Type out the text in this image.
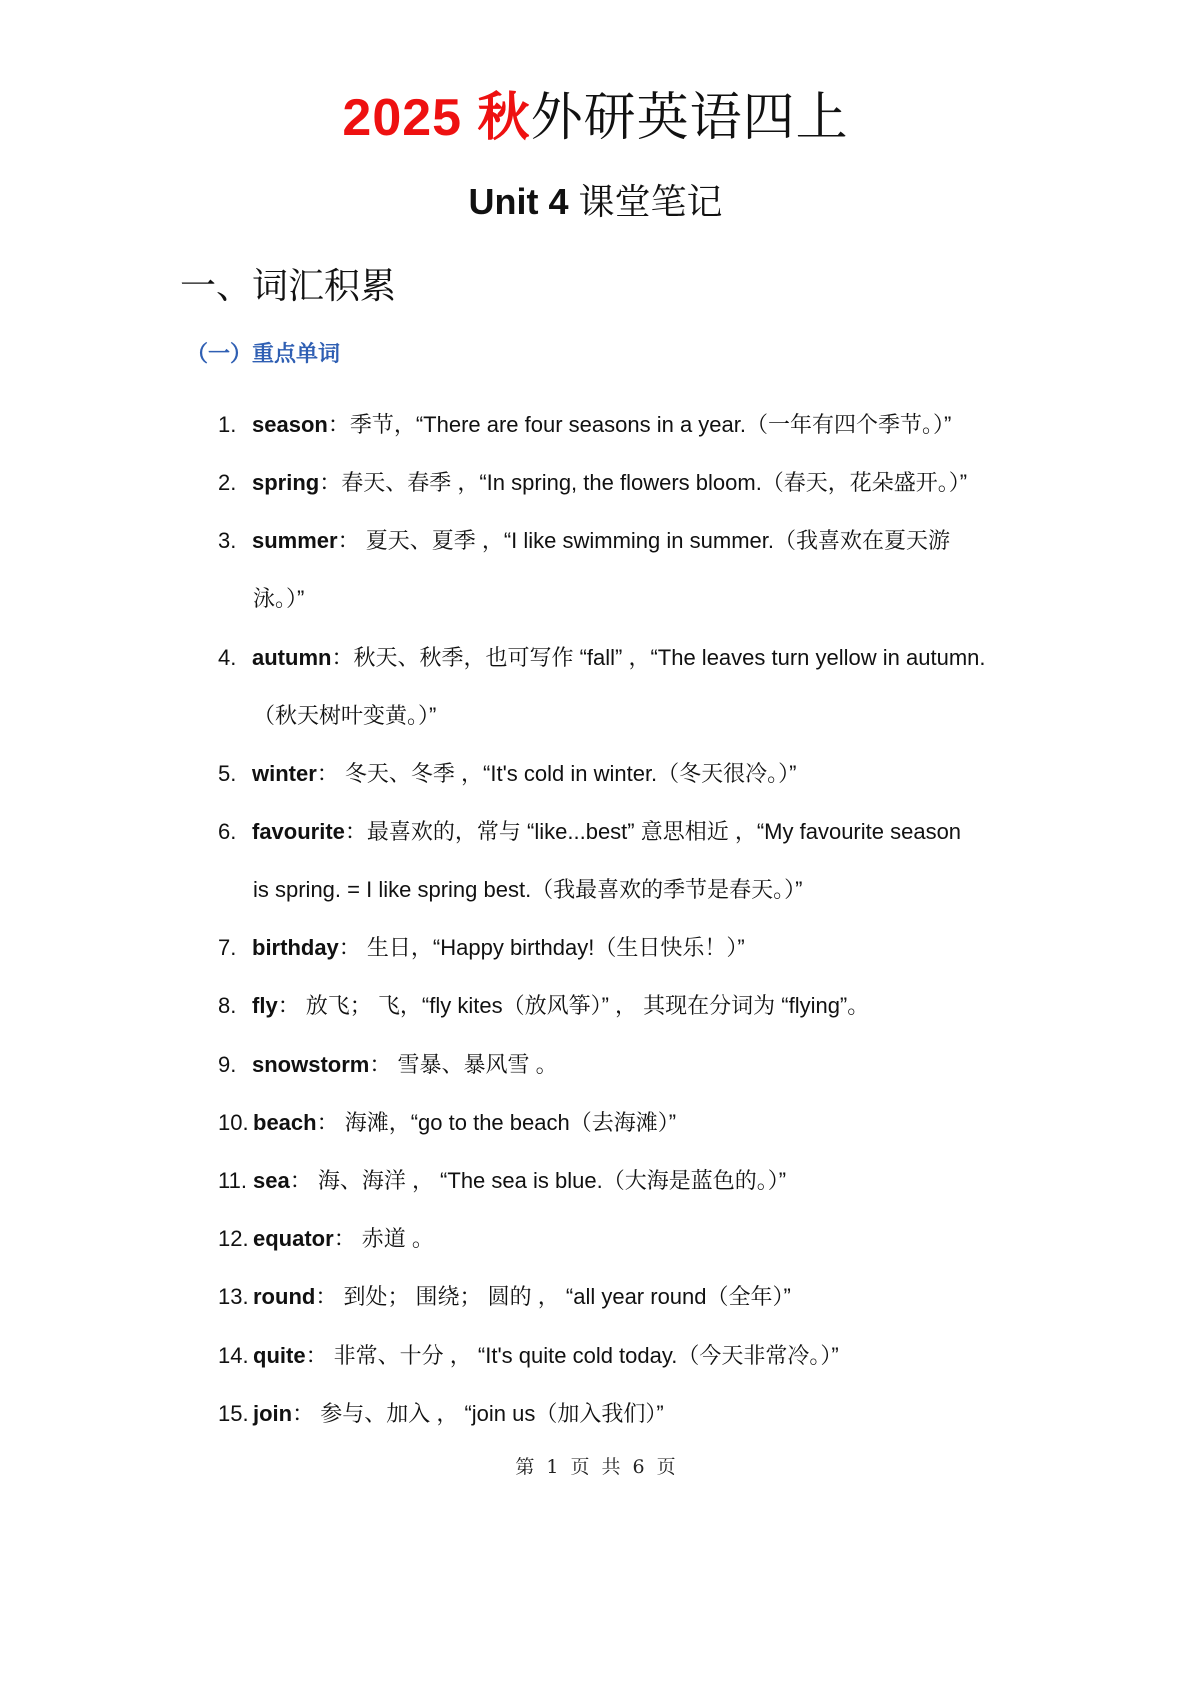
2025 秋外研英语四上
Unit 4 课堂笔记
一、词汇积累
（一）重点单词
1. season：季节，“There are four seasons in a year.（一年有四个季节。）”
2. spring：春天、春季 ，“In spring, the flowers bloom.（春天，花朵盛开。）”
3. summer： 夏天、夏季 ，“I like swimming in summer.（我喜欢在夏天游
泳。）”
4. autumn：秋天、秋季，也可写作 “fall” ，“The leaves turn yellow in autumn.
（秋天树叶变黄。）”
5. winter： 冬天、冬季 ，“It's cold in winter.（冬天很冷。）”
6. favourite：最喜欢的，常与 “like...best” 意思相近 ，“My favourite season
is spring. = I like spring best.（我最喜欢的季节是春天。）”
7. birthday： 生日，“Happy birthday!（生日快乐！）”
8. fly： 放飞； 飞，“fly kites（放风筝）” ， 其现在分词为 “flying”。
9. snowstorm： 雪暴、暴风雪 。
10. beach： 海滩，“go to the beach（去海滩）”
11. sea： 海、海洋 ， “The sea is blue.（大海是蓝色的。）”
12. equator： 赤道 。
13. round： 到处； 围绕； 圆的 ， “all year round（全年）”
14. quite： 非常、十分 ， “It's quite cold today.（今天非常冷。）”
15. join： 参与、加入 ， “join us（加入我们）”
第 1 页 共 6 页
